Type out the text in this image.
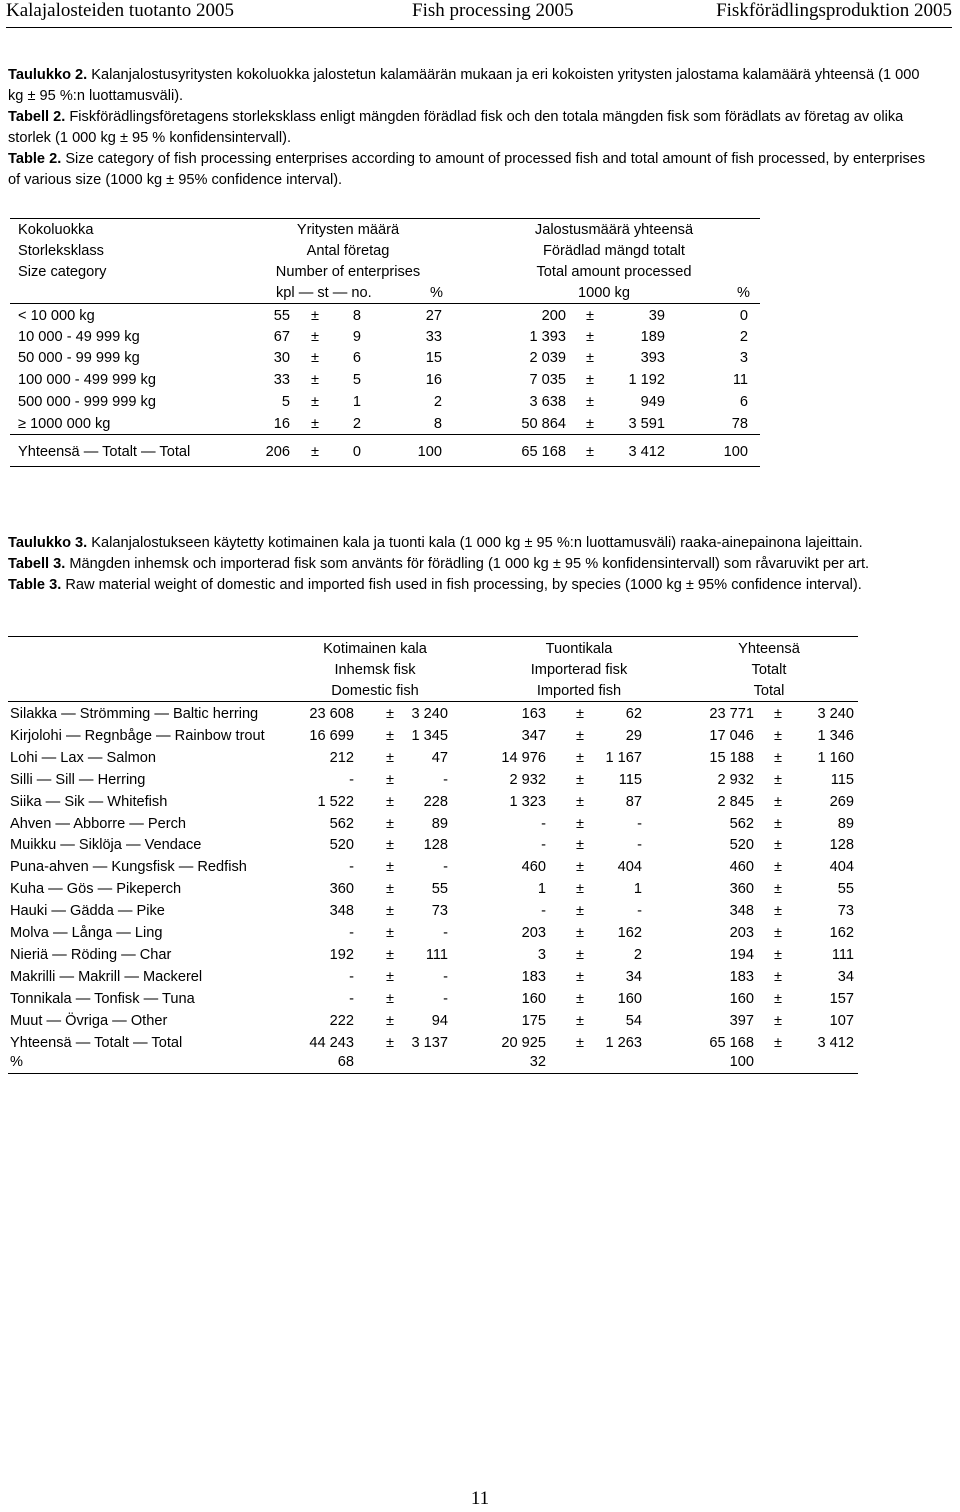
Kalajalosteiden tuotanto 2005	Fish processing 2005	Fiskförädlingsproduktion 2005
Taulukko 2. Kalanjalostusyritysten kokoluokka jalostetun kalamäärän mukaan ja eri kokoisten yritysten jalostama kalamäärä yhteensä (1 000 kg ± 95 %:n luottamusväli).
Tabell 2. Fiskförädlingsföretagens storleksklass enligt mängden förädlad fisk och den totala mängden fisk som förädlats av företag av olika storlek (1 000 kg ± 95 % konfidensintervall).
Table 2. Size category of fish processing enterprises according to amount of processed fish and total amount of fish processed, by enterprises of various size (1000 kg ± 95% confidence interval).
Kokoluokka
Storleksklass
Size category
Yritysten määrä
Antal företag
Number of enterprises
Jalostusmäärä yhteensä
Förädlad mängd totalt
Total amount processed
kpl — st — no.	%	1000 kg	%
< 10 000 kg	55	±	8	27	200	±	39	0
10 000 - 49 999 kg	67	±	9	33	1 393	±	189	2
50 000 - 99 999 kg	30	±	6	15	2 039	±	393	3
100 000 - 499 999 kg	33	±	5	16	7 035	±	1 192	11
500 000 - 999 999 kg	5	±	1	2	3 638	±	949	6
≥ 1000 000 kg	16	±	2	8	50 864	±	3 591	78
Yhteensä — Totalt — Total	206	±	0	100	65 168	±	3 412	100
Taulukko 3. Kalanjalostukseen käytetty kotimainen kala ja tuonti kala (1 000 kg ± 95 %:n luottamusväli) raaka-ainepainona lajeittain.
Tabell 3. Mängden inhemsk och importerad fisk som använts för förädling (1 000 kg ± 95 % konfidensintervall) som råvaruvikt per art.
Table 3. Raw material weight of domestic and imported fish used in fish processing, by species (1000 kg ± 95% confidence interval).
Kotimainen kala
Inhemsk fisk
Domestic fish
Tuontikala
Importerad fisk
Imported fish
Yhteensä
Totalt
Total
Silakka — Strömming — Baltic herring	23 608	±	3 240	163	±	62	23 771	±	3 240
Kirjolohi — Regnbåge — Rainbow trout	16 699	±	1 345	347	±	29	17 046	±	1 346
Lohi — Lax — Salmon	212	±	47	14 976	±	1 167	15 188	±	1 160
Silli — Sill — Herring	-	±	-	2 932	±	115	2 932	±	115
Siika — Sik — Whitefish	1 522	±	228	1 323	±	87	2 845	±	269
Ahven — Abborre — Perch	562	±	89	-	±	-	562	±	89
Muikku — Siklöja — Vendace	520	±	128	-	±	-	520	±	128
Puna-ahven — Kungsfisk — Redfish	-	±	-	460	±	404	460	±	404
Kuha — Gös — Pikeperch	360	±	55	1	±	1	360	±	55
Hauki — Gädda — Pike	348	±	73	-	±	-	348	±	73
Molva — Långa — Ling	-	±	-	203	±	162	203	±	162
Nieriä — Röding — Char	192	±	111	3	±	2	194	±	111
Makrilli — Makrill — Mackerel	-	±	-	183	±	34	183	±	34
Tonnikala — Tonfisk — Tuna	-	±	-	160	±	160	160	±	157
Muut — Övriga — Other	222	±	94	175	±	54	397	±	107
Yhteensä — Totalt — Total	44 243	±	3 137	20 925	±	1 263	65 168	±	3 412
%	68	32	100
11
